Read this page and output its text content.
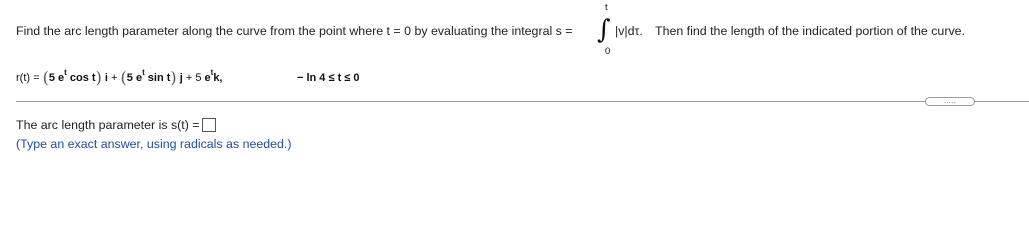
Find the arc length parameter along the curve from the point where t = 0 by evaluating the integral s =
t
∫
0
|v|dτ. Then find the length of the indicated portion of the curve.
r(t) = (5 $e^t$ cos t) i + (5 $e^t$ sin t) j + 5 $e^tk$,	− ln 4 ≤ t ≤ 0
.....
The arc length parameter is s(t) =
(Type an exact answer, using radicals as needed.)
